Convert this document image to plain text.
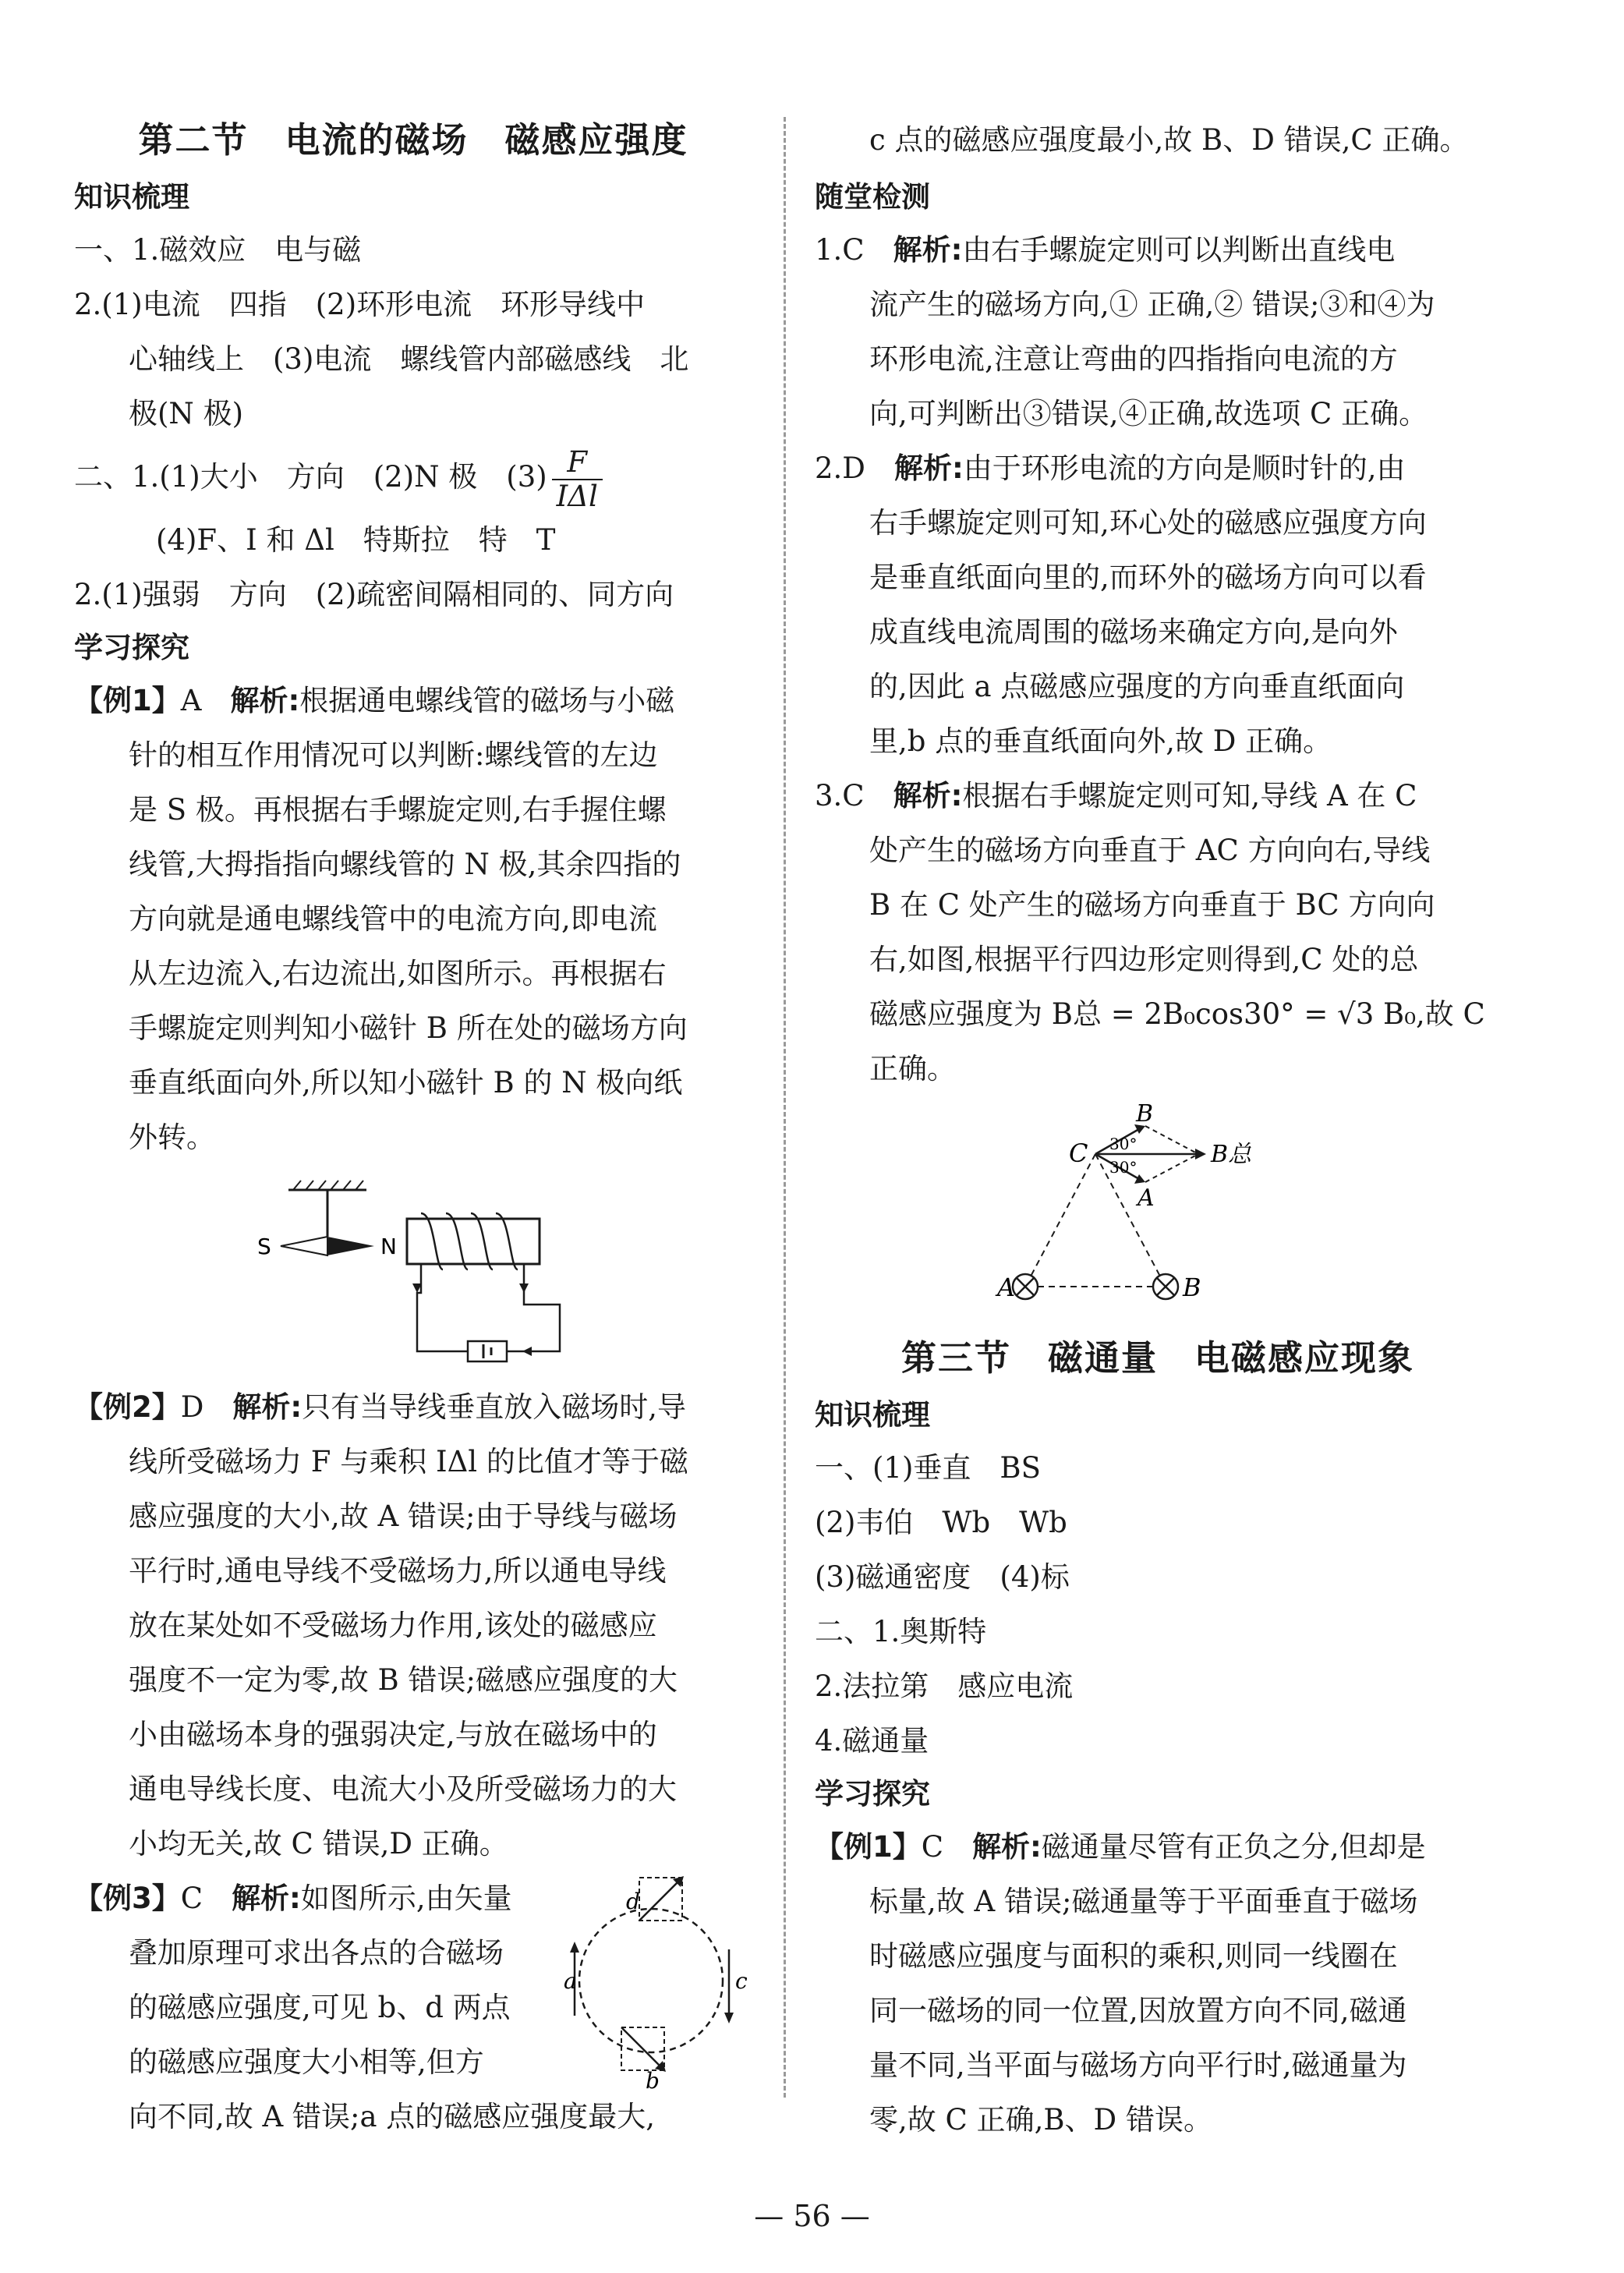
第二节　电流的磁场　磁感应强度
知识梳理
一、1.磁效应　电与磁
2.(1)电流　四指　(2)环形电流　环形导线中
心轴线上　(3)电流　螺线管内部磁感线　北
极(N 极)
二、1.(1)大小　方向　(2)N 极　$(3) \frac{F}{\text{IΔl}}$
(4)F、I 和 Δl　特斯拉　特　T
2.(1)强弱　方向　(2)疏密间隔相同的、同方向
学习探究
【例1】A　解析:根据通电螺线管的磁场与小磁
针的相互作用情况可以判断:螺线管的左边
是 S 极。再根据右手螺旋定则,右手握住螺
线管,大拇指指向螺线管的 N 极,其余四指的
方向就是通电螺线管中的电流方向,即电流
从左边流入,右边流出,如图所示。再根据右
手螺旋定则判知小磁针 B 所在处的磁场方向
垂直纸面向外,所以知小磁针 B 的 N 极向纸
外转。
S	N
【例2】D　解析:只有当导线垂直放入磁场时,导
线所受磁场力 F 与乘积 IΔl 的比值才等于磁
感应强度的大小,故 A 错误;由于导线与磁场
平行时,通电导线不受磁场力,所以通电导线
放在某处如不受磁场力作用,该处的磁感应
强度不一定为零,故 B 错误;磁感应强度的大
小由磁场本身的强弱决定,与放在磁场中的
通电导线长度、电流大小及所受磁场力的大
小均无关,故 C 错误,D 正确。
【例3】C　解析:如图所示,由矢量
叠加原理可求出各点的合磁场
的磁感应强度,可见 b、d 两点
的磁感应强度大小相等,但方
向不同,故 A 错误;a 点的磁感应强度最大,
a	c
d
b
c 点的磁感应强度最小,故 B、D 错误,C 正确。
随堂检测
1.C　解析:由右手螺旋定则可以判断出直线电
流产生的磁场方向,① 正确,② 错误;③和④为
环形电流,注意让弯曲的四指指向电流的方
向,可判断出③错误,④正确,故选项 C 正确。
2.D　解析:由于环形电流的方向是顺时针的,由
右手螺旋定则可知,环心处的磁感应强度方向
是垂直纸面向里的,而环外的磁场方向可以看
成直线电流周围的磁场来确定方向,是向外
的,因此 a 点磁感应强度的方向垂直纸面向
里,b 点的垂直纸面向外,故 D 正确。
3.C　解析:根据右手螺旋定则可知,导线 A 在 C
处产生的磁场方向垂直于 AC 方向向右,导线
B 在 C 处产生的磁场方向垂直于 BC 方向向
右,如图,根据平行四边形定则得到,C 处的总
磁感应强度为 B总 = 2B₀cos30° = √3 B₀,故 C
正确。
C
B
A
B总
30°
30°
A	B
第三节　磁通量　电磁感应现象
知识梳理
一、(1)垂直　BS
(2)韦伯　Wb　Wb
(3)磁通密度　(4)标
二、1.奥斯特
2.法拉第　感应电流
4.磁通量
学习探究
【例1】C　解析:磁通量尽管有正负之分,但却是
标量,故 A 错误;磁通量等于平面垂直于磁场
时磁感应强度与面积的乘积,则同一线圈在
同一磁场的同一位置,因放置方向不同,磁通
量不同,当平面与磁场方向平行时,磁通量为
零,故 C 正确,B、D 错误。
— 56 —
